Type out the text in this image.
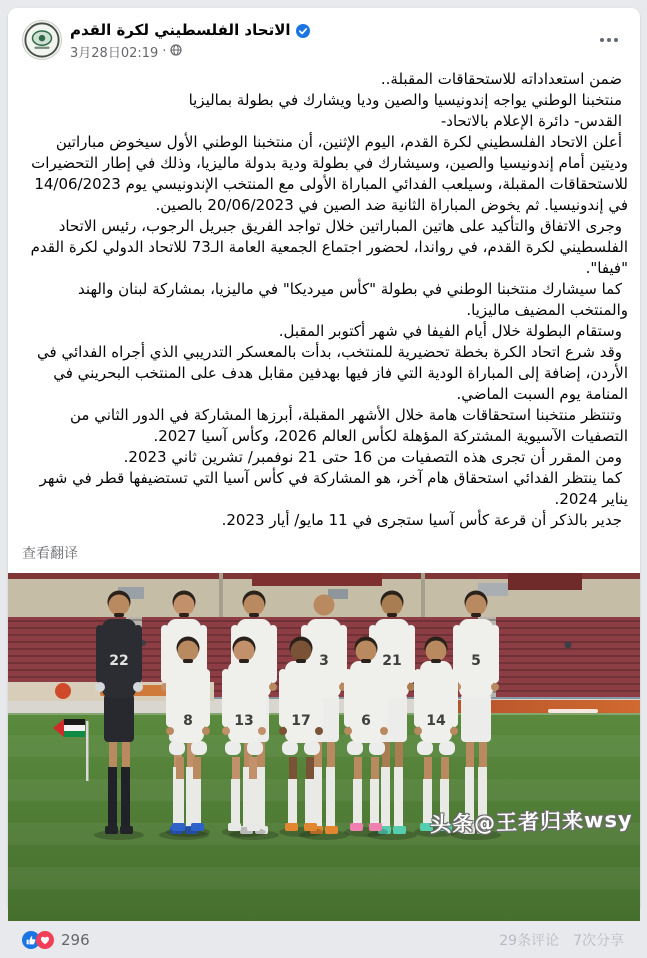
الاتحاد الفلسطيني لكرة القدم
3月28日02:19 ·
ضمن استعداداته للاستحقاقات المقبلة..
منتخبنا الوطني يواجه إندونيسيا والصين وديا ويشارك في بطولة بماليزيا
القدس- دائرة الإعلام بالاتحاد-
أعلن الاتحاد الفلسطيني لكرة القدم، اليوم الإثنين، أن منتخبنا الوطني الأول سيخوض مباراتين وديتين أمام إندونيسيا والصين، وسيشارك في بطولة ودية بدولة ماليزيا، وذلك في إطار التحضيرات للاستحقاقات المقبلة، وسيلعب الفدائي المباراة الأولى مع المنتخب الإندونيسي يوم 14/06/2023 في إندونيسيا. ثم يخوض المباراة الثانية ضد الصين في 20/06/2023 بالصين.
وجرى الاتفاق والتأكيد على هاتين المباراتين خلال تواجد الفريق جبريل الرجوب، رئيس الاتحاد الفلسطيني لكرة القدم، في رواندا، لحضور اجتماع الجمعية العامة الـ73 للاتحاد الدولي لكرة القدم "فيفا".
كما سيشارك منتخبنا الوطني في بطولة "كأس ميرديكا" في ماليزيا، بمشاركة لبنان والهند والمنتخب المضيف ماليزيا.
وستقام البطولة خلال أيام الفيفا في شهر أكتوبر المقبل.
وقد شرع اتحاد الكرة بخطة تحضيرية للمنتخب، بدأت بالمعسكر التدريبي الذي أجراه الفدائي في الأردن، إضافة إلى المباراة الودية التي فاز فيها بهدفين مقابل هدف على المنتخب البحريني في المنامة يوم السبت الماضي.
وتنتظر منتخبنا استحقاقات هامة خلال الأشهر المقبلة، أبرزها المشاركة في الدور الثاني من التصفيات الآسيوية المشتركة المؤهلة لكأس العالم 2026، وكأس آسيا 2027.
ومن المقرر أن تجرى هذه التصفيات من 16 حتى 21 نوفمبر/ تشرين ثاني 2023.
كما ينتظر الفدائي استحقاق هام آخر، هو المشاركة في كأس آسيا التي تستضيفها قطر في شهر يناير 2024.
جدير بالذكر أن قرعة كأس آسيا ستجرى في 11 مايو/ أيار 2023.
查看翻译
22	3	21	5
8	13	17	6	14
296	29条评论 7次分享
头条@王者归来wsy
